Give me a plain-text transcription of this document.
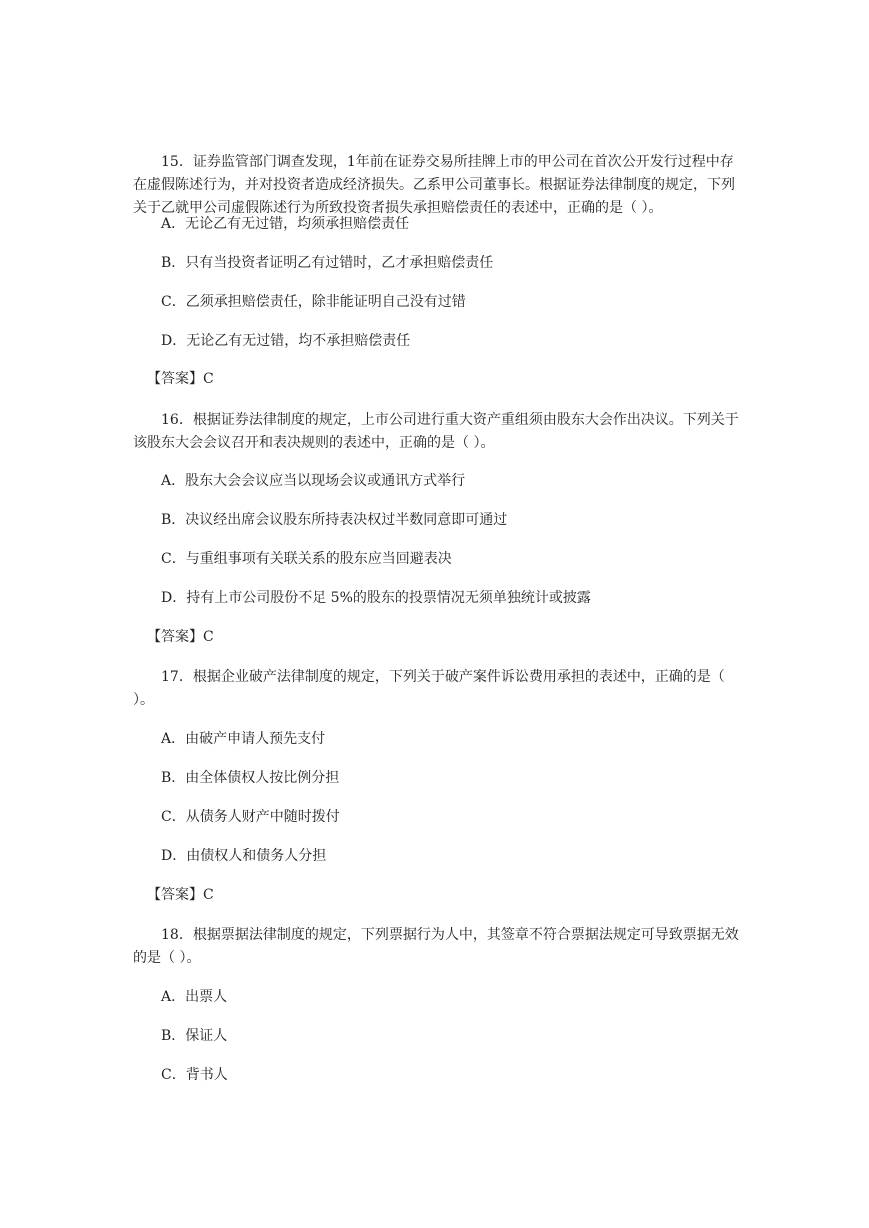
15．证券监管部门调查发现，1年前在证券交易所挂牌上市的甲公司在首次公开发行过程中存在虚假陈述行为，并对投资者造成经济损失。乙系甲公司董事长。根据证券法律制度的规定，下列关于乙就甲公司虚假陈述行为所致投资者损失承担赔偿责任的表述中，正确的是（ ）。
A．无论乙有无过错，均须承担赔偿责任
B．只有当投资者证明乙有过错时，乙才承担赔偿责任
C．乙须承担赔偿责任，除非能证明自己没有过错
D．无论乙有无过错，均不承担赔偿责任
【答案】C
16．根据证券法律制度的规定，上市公司进行重大资产重组须由股东大会作出决议。下列关于该股东大会会议召开和表决规则的表述中，正确的是（ ）。
A．股东大会会议应当以现场会议或通讯方式举行
B．决议经出席会议股东所持表决权过半数同意即可通过
C．与重组事项有关联关系的股东应当回避表决
D．持有上市公司股份不足 5%的股东的投票情况无须单独统计或披露
【答案】C
17．根据企业破产法律制度的规定，下列关于破产案件诉讼费用承担的表述中，正确的是（ ）。
A．由破产申请人预先支付
B．由全体债权人按比例分担
C．从债务人财产中随时拨付
D．由债权人和债务人分担
【答案】C
18．根据票据法律制度的规定，下列票据行为人中，其签章不符合票据法规定可导致票据无效的是（ ）。
A．出票人
B．保证人
C．背书人
